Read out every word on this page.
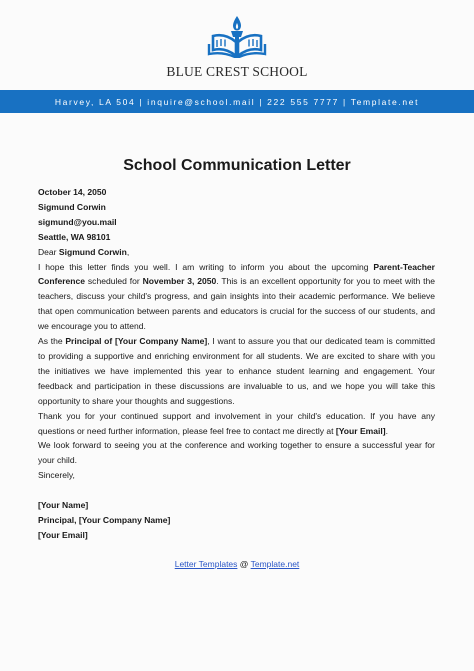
BLUE CREST SCHOOL
Harvey, LA 504 | inquire@school.mail | 222 555 7777 | Template.net
School Communication Letter
October 14, 2050
Sigmund Corwin
sigmund@you.mail
Seattle, WA 98101
Dear Sigmund Corwin,
I hope this letter finds you well. I am writing to inform you about the upcoming Parent-Teacher Conference scheduled for November 3, 2050. This is an excellent opportunity for you to meet with the teachers, discuss your child's progress, and gain insights into their academic performance. We believe that open communication between parents and educators is crucial for the success of our students, and we encourage you to attend.
As the Principal of [Your Company Name], I want to assure you that our dedicated team is committed to providing a supportive and enriching environment for all students. We are excited to share with you the initiatives we have implemented this year to enhance student learning and engagement. Your feedback and participation in these discussions are invaluable to us, and we hope you will take this opportunity to share your thoughts and suggestions.
Thank you for your continued support and involvement in your child's education. If you have any questions or need further information, please feel free to contact me directly at [Your Email].
We look forward to seeing you at the conference and working together to ensure a successful year for your child.
Sincerely,
[Your Name]
Principal, [Your Company Name]
[Your Email]
Letter Templates @ Template.net
